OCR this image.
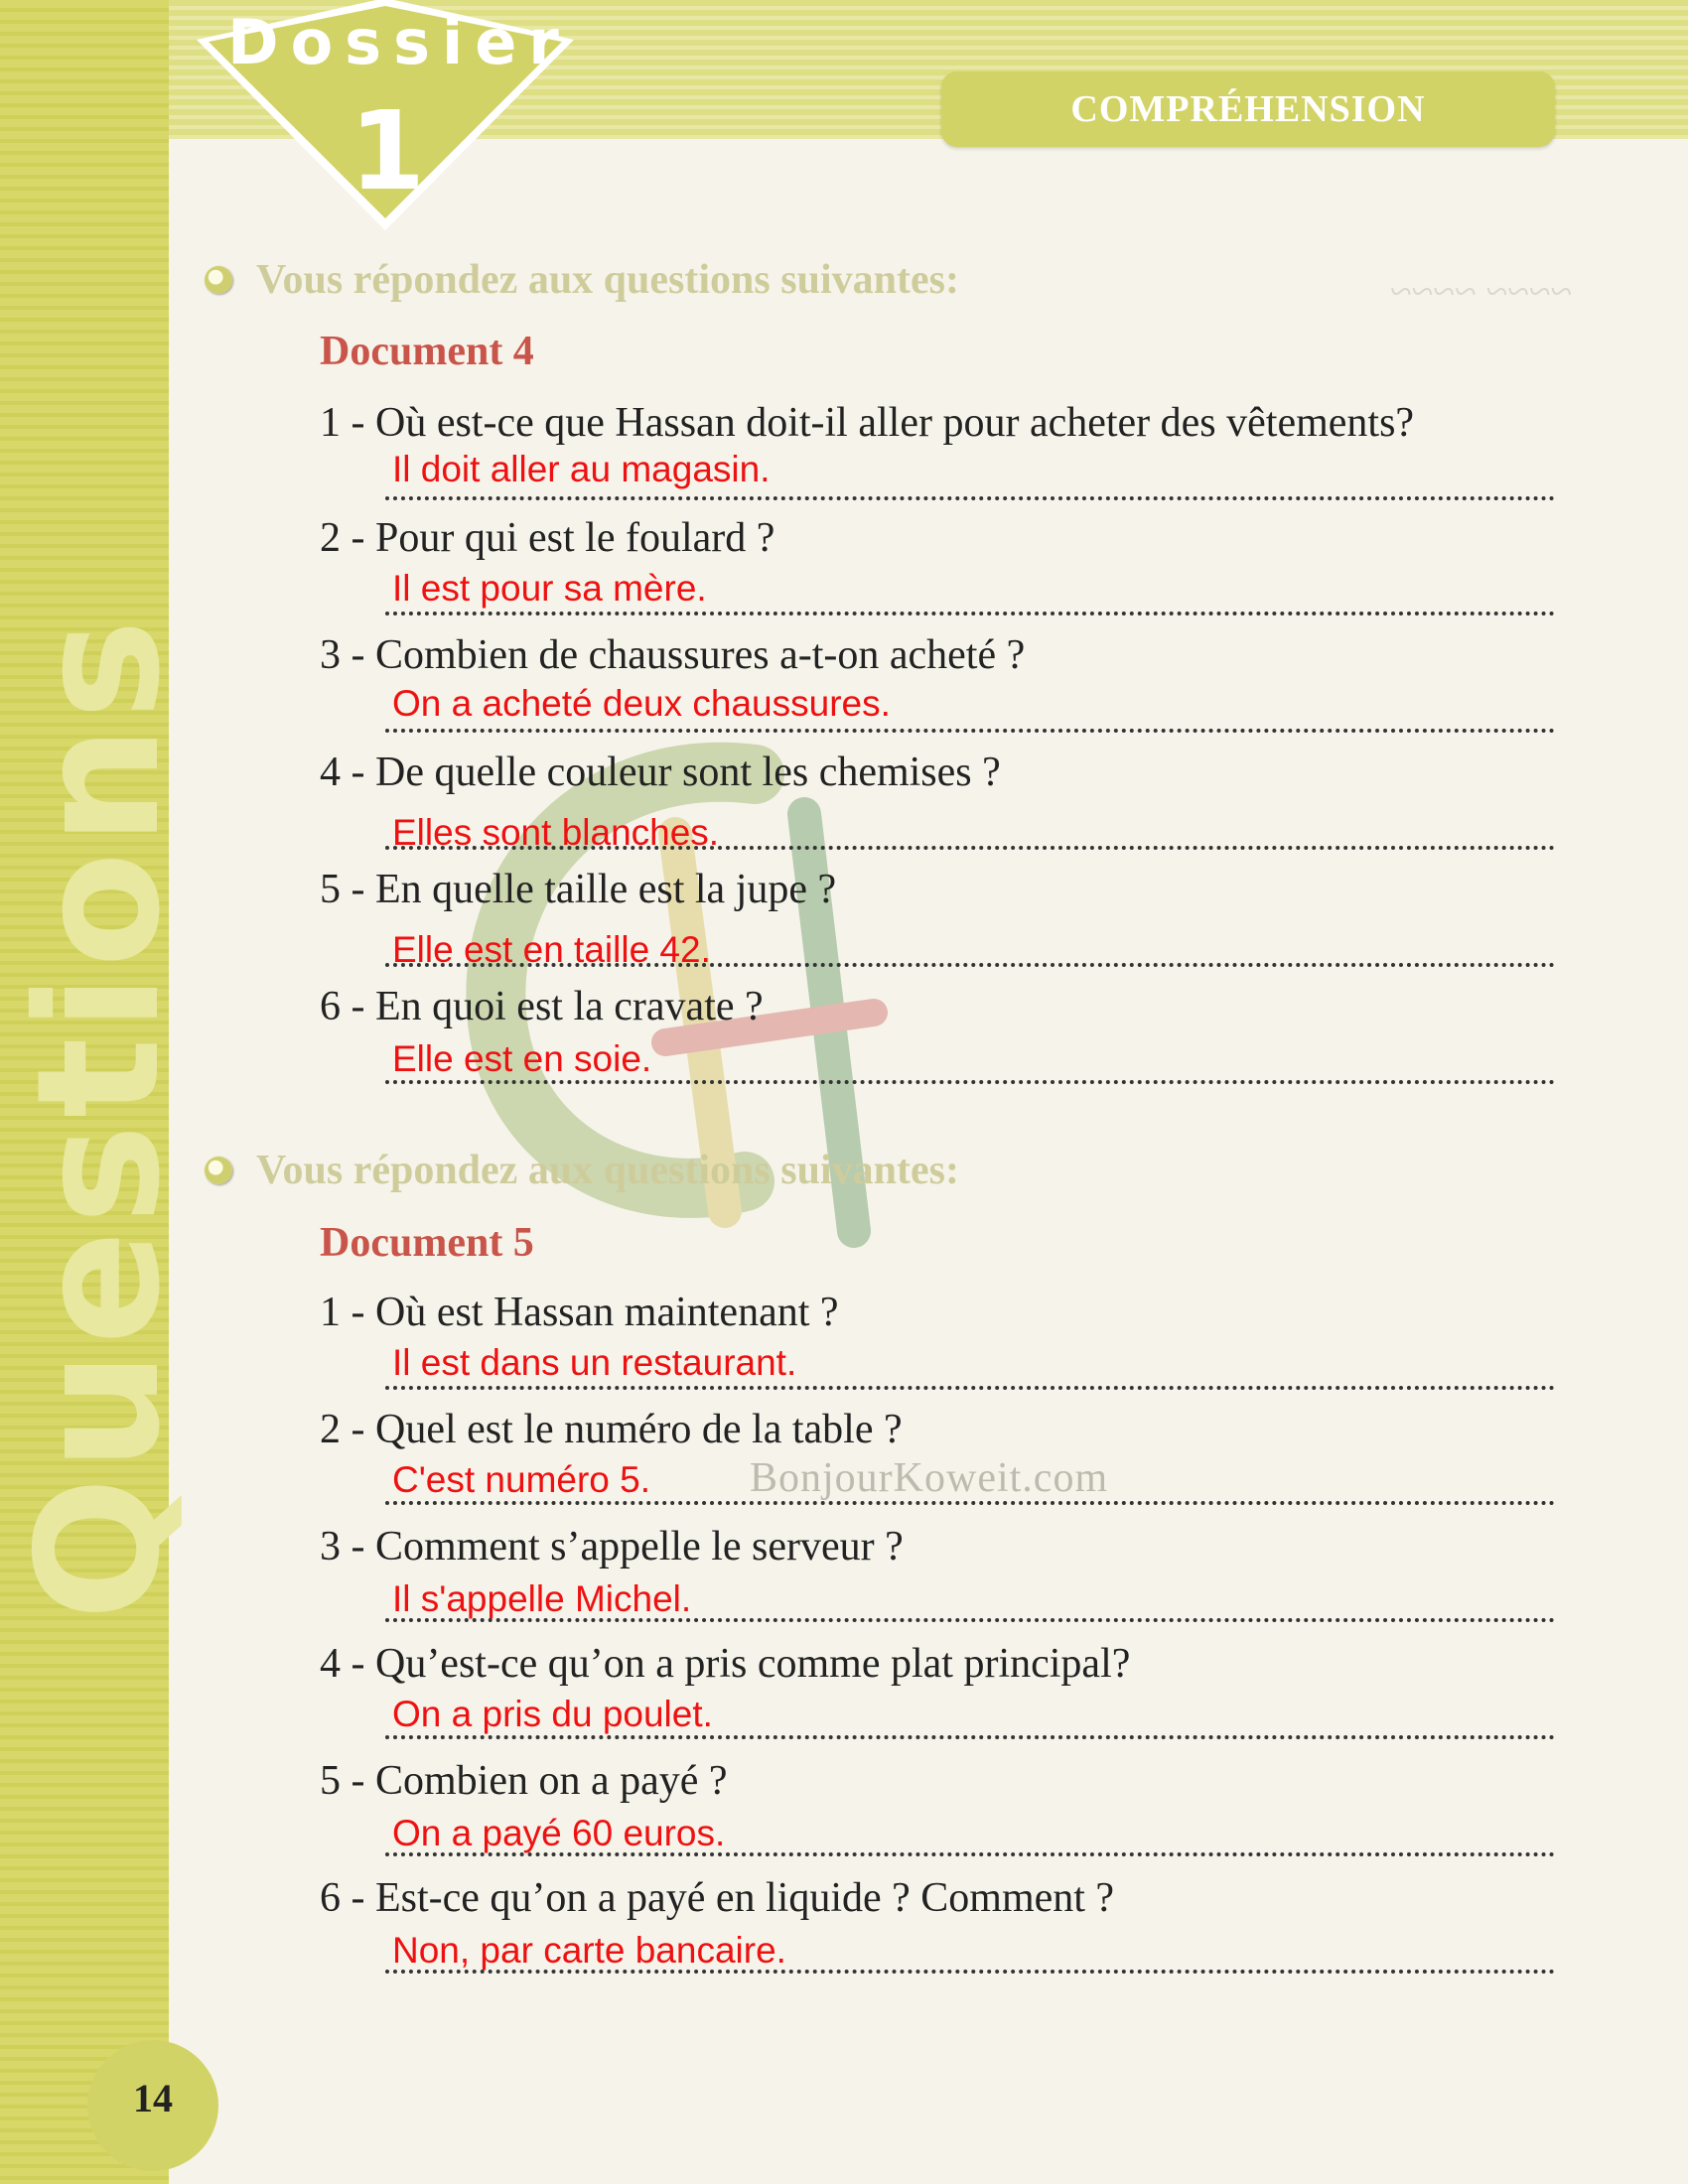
Questions
Dossier
1	COMPRÉHENSION
~~~~ ~~~~
BonjourKoweit.com
Vous répondez aux questions suivantes:
Document 4
1 - Où est-ce que Hassan doit-il aller pour acheter des vêtements?
Il doit aller au magasin.
2 - Pour qui est le foulard ?
Il est pour sa mère.
3 - Combien de chaussures a-t-on acheté ?
On a acheté deux chaussures.
4 - De quelle couleur sont les chemises ?
Elles sont blanches.
5 - En quelle taille est la jupe ?
Elle est en taille 42.
6 - En quoi est la cravate ?
Elle est en soie.
Vous répondez aux questions suivantes:
Document 5
1 - Où est Hassan maintenant ?
Il est dans un restaurant.
2 - Quel est le numéro de la table ?
C'est numéro 5.
3 - Comment s’appelle le serveur ?
Il s'appelle Michel.
4 - Qu’est-ce qu’on a pris comme plat principal?
On a pris du poulet.
5 - Combien on a payé ?
On a payé 60 euros.
6 - Est-ce qu’on a payé en liquide ? Comment ?
Non, par carte bancaire.
14
